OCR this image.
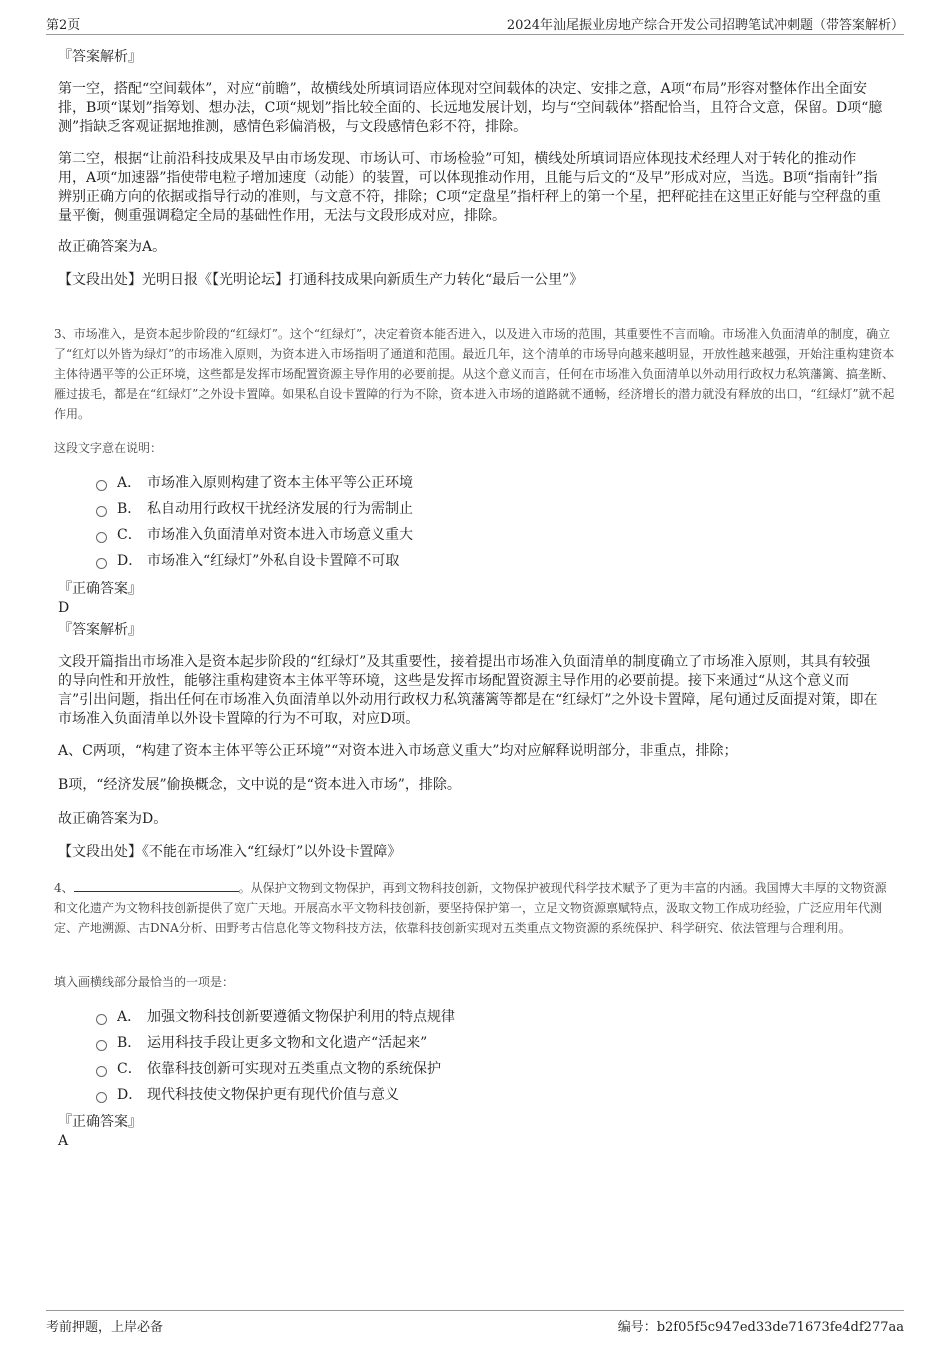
第2页	2024年汕尾振业房地产综合开发公司招聘笔试冲刺题（带答案解析）

『答案解析』

第一空，搭配“空间载体”，对应“前瞻”，故横线处所填词语应体现对空间载体的决定、安排之意，A项“布局”形容对整体作出全面安排，B项“谋划”指筹划、想办法，C项“规划”指比较全面的、长远地发展计划，均与“空间载体”搭配恰当，且符合文意，保留。D项“臆测”指缺乏客观证据地推测，感情色彩偏消极，与文段感情色彩不符，排除。

第二空，根据“让前沿科技成果及早由市场发现、市场认可、市场检验”可知，横线处所填词语应体现技术经理人对于转化的推动作用，A项“加速器”指使带电粒子增加速度（动能）的装置，可以体现推动作用，且能与后文的“及早”形成对应，当选。B项“指南针”指辨别正确方向的依据或指导行动的准则，与文意不符，排除；C项“定盘星”指杆秤上的第一个星，把秤砣挂在这里正好能与空秤盘的重量平衡，侧重强调稳定全局的基础性作用，无法与文段形成对应，排除。

故正确答案为A。

【文段出处】光明日报《【光明论坛】打通科技成果向新质生产力转化“最后一公里”》

3、市场准入，是资本起步阶段的“红绿灯”。这个“红绿灯”，决定着资本能否进入，以及进入市场的范围，其重要性不言而喻。市场准入负面清单的制度，确立了“红灯以外皆为绿灯”的市场准入原则，为资本进入市场指明了通道和范围。最近几年，这个清单的市场导向越来越明显，开放性越来越强，开始注重构建资本主体待遇平等的公正环境，这些都是发挥市场配置资源主导作用的必要前提。从这个意义而言，任何在市场准入负面清单以外动用行政权力私筑藩篱、搞垄断、雁过拔毛，都是在“红绿灯”之外设卡置障。如果私自设卡置障的行为不除，资本进入市场的道路就不通畅，经济增长的潜力就没有释放的出口，“红绿灯”就不起作用。

这段文字意在说明：

A． 市场准入原则构建了资本主体平等公正环境
B． 私自动用行政权干扰经济发展的行为需制止
C． 市场准入负面清单对资本进入市场意义重大
D． 市场准入“红绿灯”外私自设卡置障不可取

『正确答案』

D

『答案解析』

文段开篇指出市场准入是资本起步阶段的“红绿灯”及其重要性，接着提出市场准入负面清单的制度确立了市场准入原则，其具有较强的导向性和开放性，能够注重构建资本主体平等环境，这些是发挥市场配置资源主导作用的必要前提。接下来通过“从这个意义而言”引出问题，指出任何在市场准入负面清单以外动用行政权力私筑藩篱等都是在“红绿灯”之外设卡置障，尾句通过反面提对策，即在市场准入负面清单以外设卡置障的行为不可取，对应D项。

A、C两项，“构建了资本主体平等公正环境”“对资本进入市场意义重大”均对应解释说明部分，非重点，排除；

B项，“经济发展”偷换概念，文中说的是“资本进入市场”，排除。

故正确答案为D。

【文段出处】《不能在市场准入“红绿灯”以外设卡置障》

4、	。从保护文物到文物保护，再到文物科技创新，文物保护被现代科学技术赋予了更为丰富的内涵。我国博大丰厚的文物资源和文化遗产为文物科技创新提供了宽广天地。开展高水平文物科技创新，要坚持保护第一，立足文物资源禀赋特点，汲取文物工作成功经验，广泛应用年代测定、产地溯源、古DNA分析、田野考古信息化等文物科技方法，依靠科技创新实现对五类重点文物资源的系统保护、科学研究、依法管理与合理利用。

填入画横线部分最恰当的一项是：

A． 加强文物科技创新要遵循文物保护利用的特点规律
B． 运用科技手段让更多文物和文化遗产“活起来”
C． 依靠科技创新可实现对五类重点文物的系统保护
D． 现代科技使文物保护更有现代价值与意义

『正确答案』

A

考前押题，上岸必备	编号：b2f05f5c947ed33de71673fe4df277aa
